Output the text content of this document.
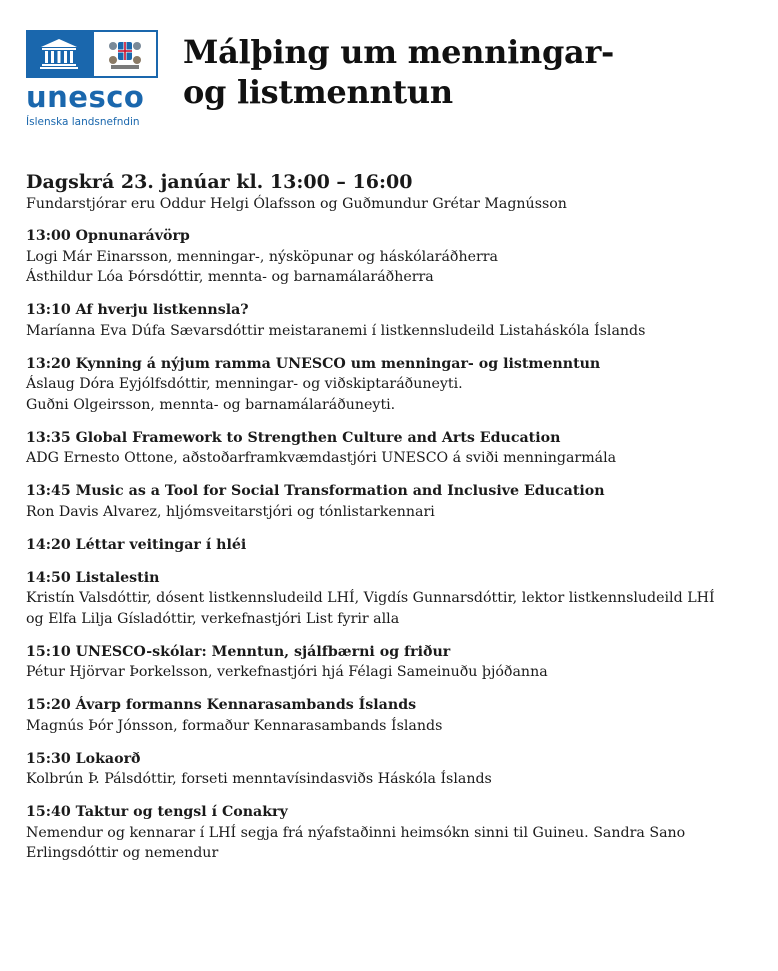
unesco
Íslenska landsnefndin
Málþing um menningar-
og listmenntun

Dagskrá 23. janúar kl. 13:00 – 16:00

Fundarstjórar eru Oddur Helgi Ólafsson og Guðmundur Grétar Magnússon

13:00 Opnunarávörp
Logi Már Einarsson, menningar-, nýsköpunar og háskólaráðherra
Ásthildur Lóa Þórsdóttir, mennta- og barnamálaráðherra
13:10 Af hverju listkennsla?
Maríanna Eva Dúfa Sævarsdóttir meistaranemi í listkennsludeild Listaháskóla Íslands
13:20 Kynning á nýjum ramma UNESCO um menningar- og listmenntun
Áslaug Dóra Eyjólfsdóttir, menningar- og viðskiptaráðuneyti.
Guðni Olgeirsson, mennta- og barnamálaráðuneyti.
13:35 Global Framework to Strengthen Culture and Arts Education
ADG Ernesto Ottone, aðstoðarframkvæmdastjóri UNESCO á sviði menningarmála
13:45 Music as a Tool for Social Transformation and Inclusive Education
Ron Davis Alvarez, hljómsveitarstjóri og tónlistarkennari
14:20 Léttar veitingar í hléi
14:50 Listalestin
Kristín Valsdóttir, dósent listkennsludeild LHÍ, Vigdís Gunnarsdóttir, lektor listkennsludeild LHÍ
og Elfa Lilja Gísladóttir, verkefnastjóri List fyrir alla
15:10 UNESCO-skólar: Menntun, sjálfbærni og friður
Pétur Hjörvar Þorkelsson, verkefnastjóri hjá Félagi Sameinuðu þjóðanna
15:20 Ávarp formanns Kennarasambands Íslands
Magnús Þór Jónsson, formaður Kennarasambands Íslands
15:30 Lokaorð
Kolbrún Þ. Pálsdóttir, forseti menntavísindasviðs Háskóla Íslands
15:40 Taktur og tengsl í Conakry
Nemendur og kennarar í LHÍ segja frá nýafstaðinni heimsókn sinni til Guineu. Sandra Sano
Erlingsdóttir og nemendur
